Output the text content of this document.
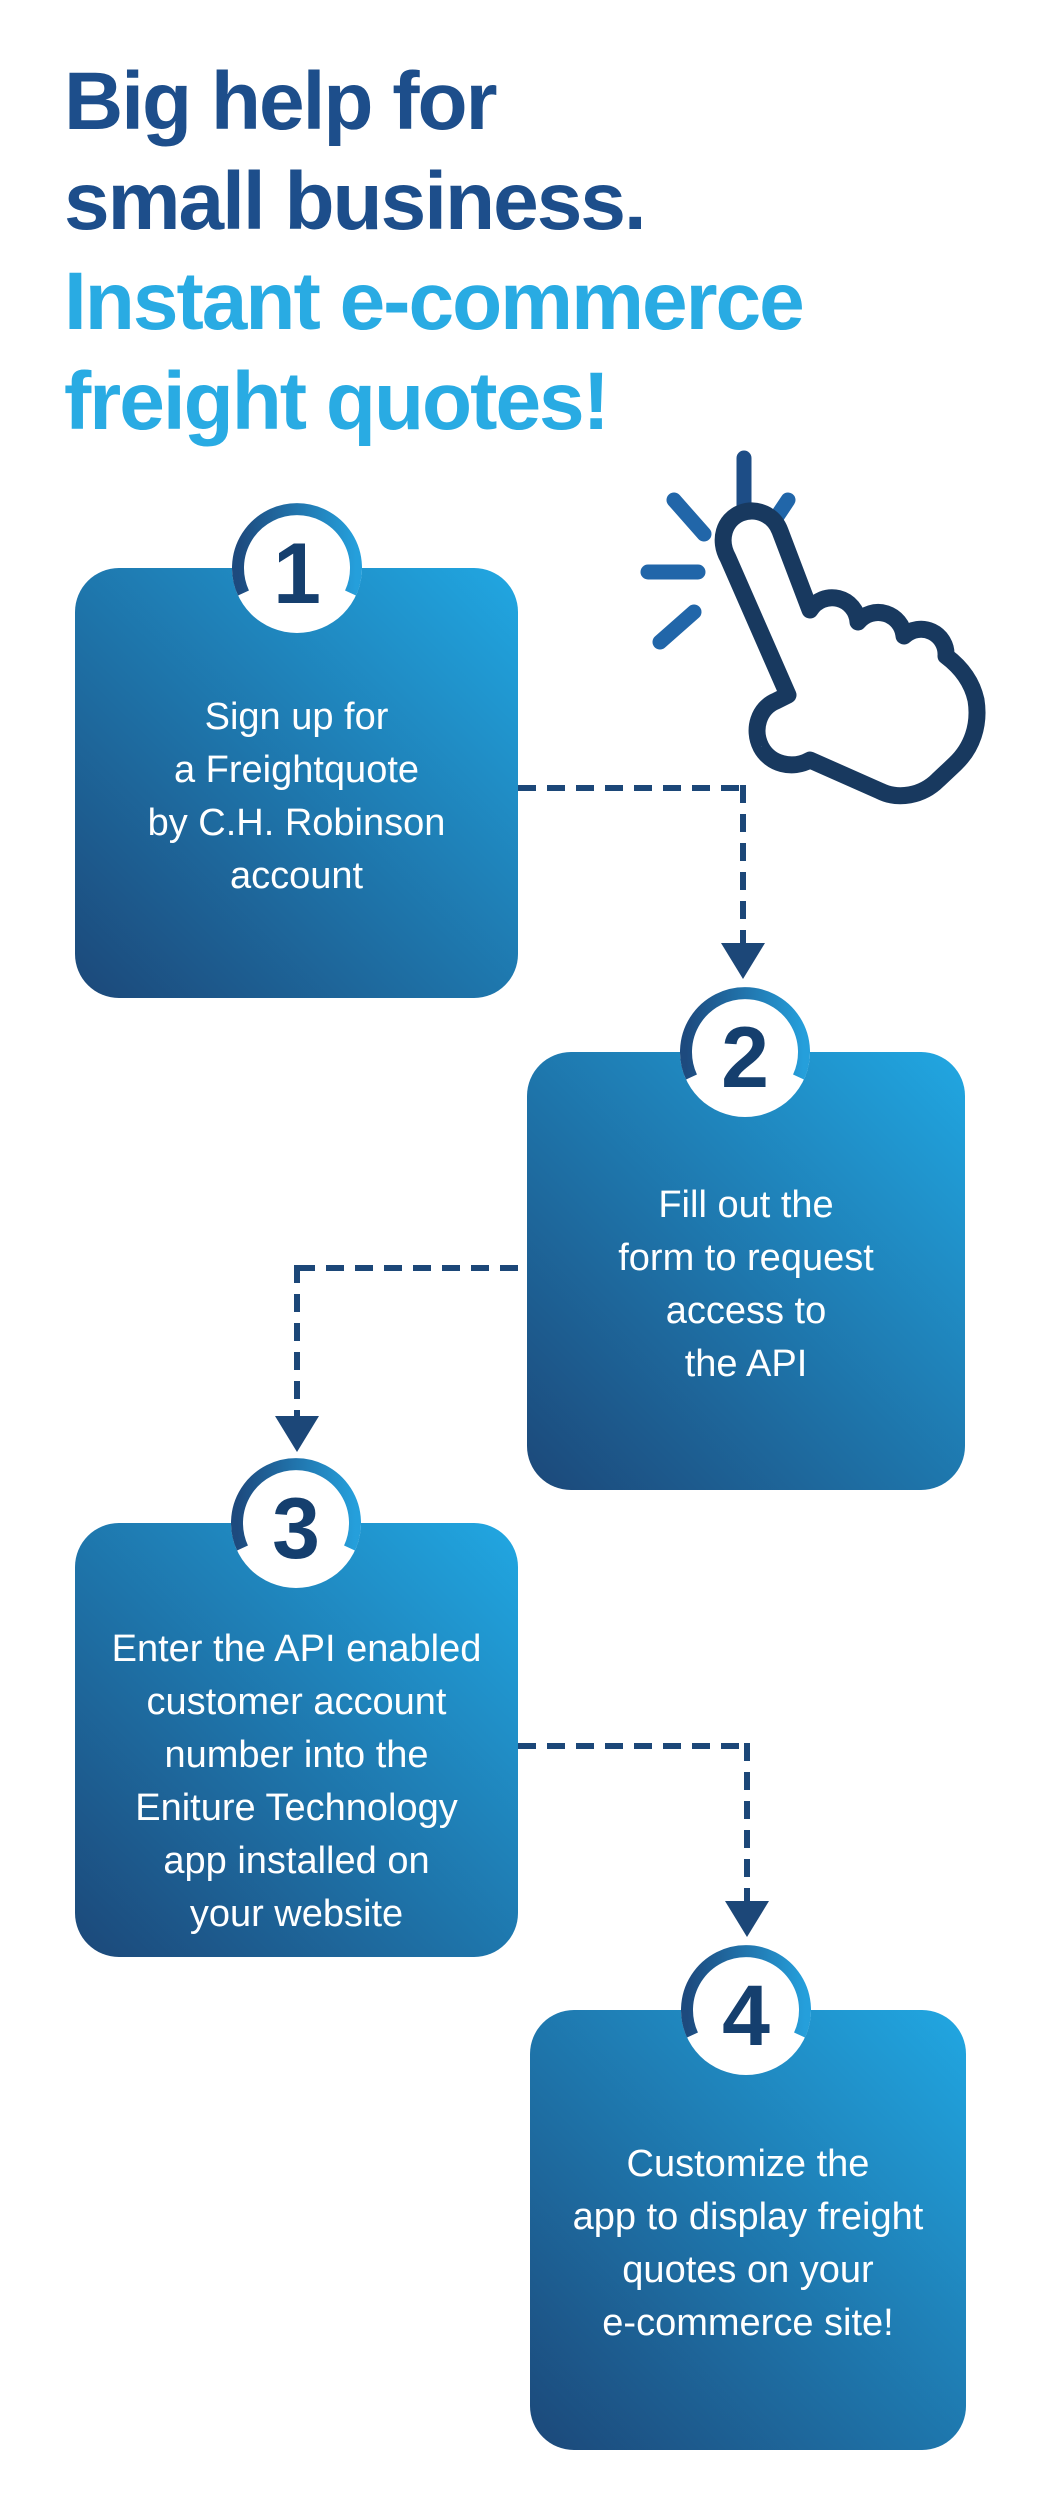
Big help for
small business.
Instant e-commerce
freight quotes!
Sign up for
a Freightquote
by C.H. Robinson
account
Fill out the
form to request
access to
the API
Enter the API enabled
customer account
number into the
Eniture Technology
app installed on
your website
Customize the
app to display freight
quotes on your
e-commerce site!
1
2
3
4
